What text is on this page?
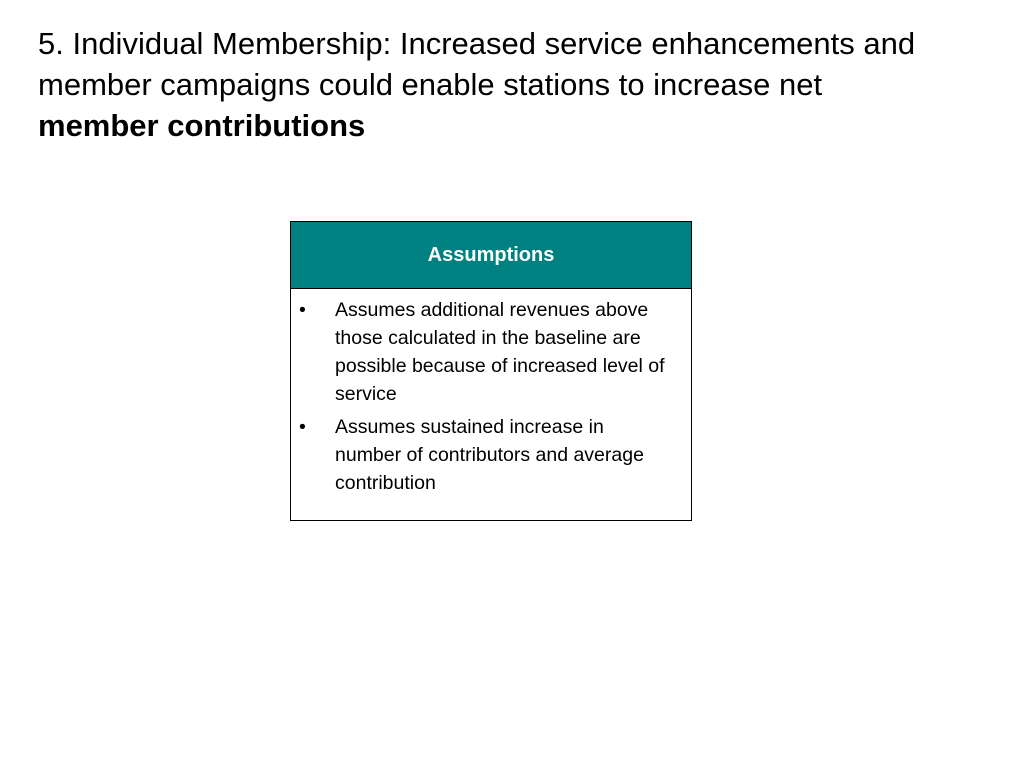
5. Individual Membership: Increased service enhancements and member campaigns could enable stations to increase net
member contributions
Assumptions
•	Assumes additional revenues above those calculated in the baseline are possible because of increased level of service
•	Assumes sustained increase in number of contributors and average contribution
